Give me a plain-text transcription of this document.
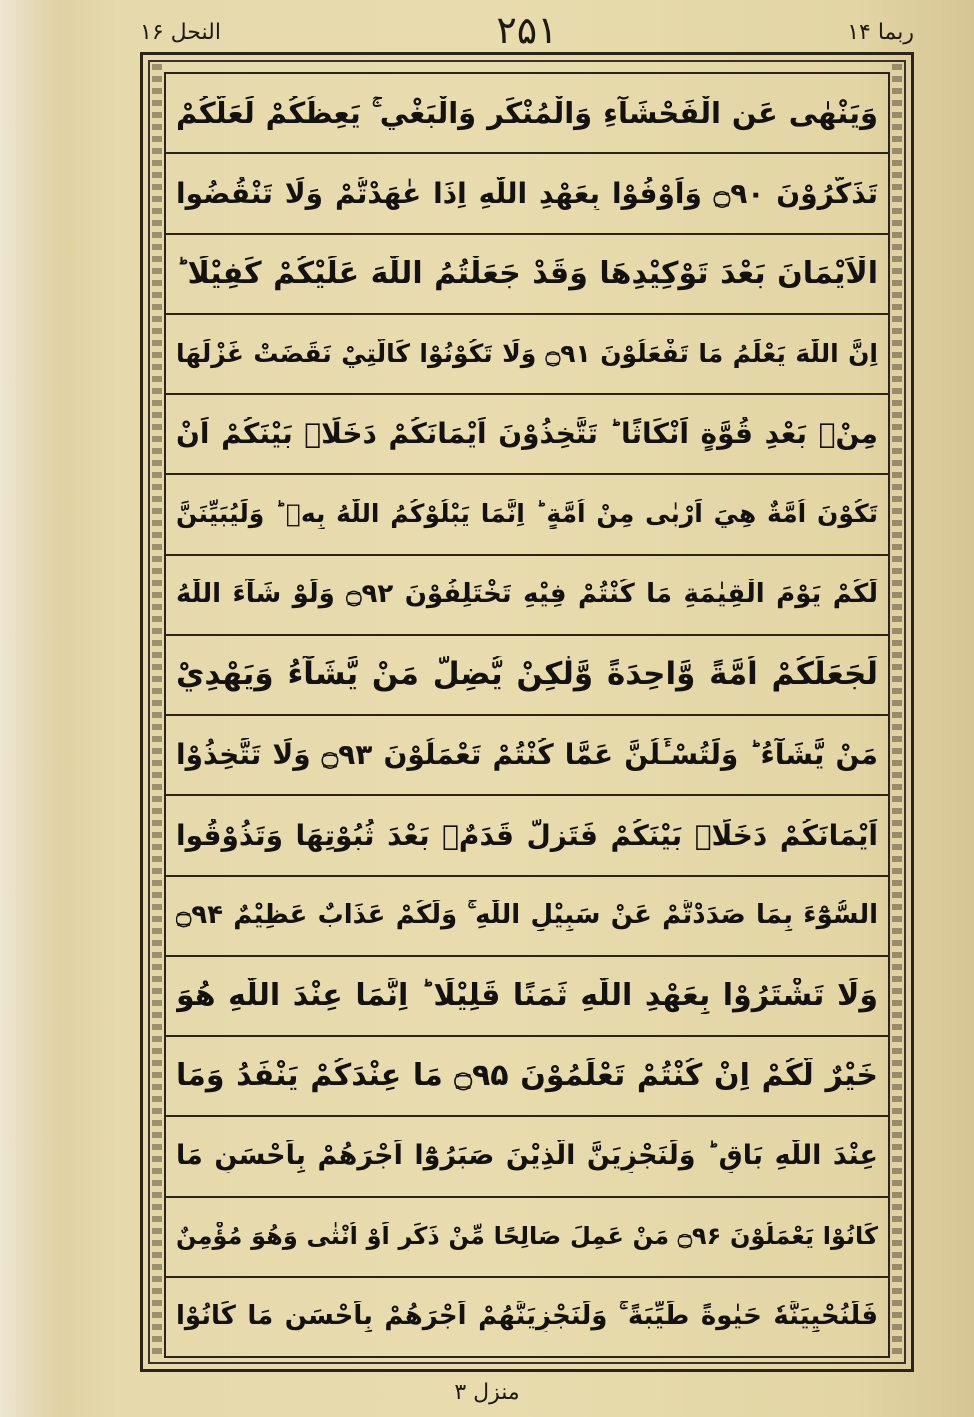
ربما ۱۴
۲۵۱
النحل ۱۶
وَيَنْهٰى عَنِ الْفَحْشَآءِ وَالْمُنْكَرِ وَالْبَغْيِ ۚ يَعِظُكُمْ لَعَلَّكُمْ
تَذَكَّرُوْنَ ۝۹۰ وَاَوْفُوْا بِعَهْدِ اللّٰهِ اِذَا عٰهَدْتُّمْ وَلَا تَنْقُضُوا
الْاَيْمَانَ بَعْدَ تَوْكِيْدِهَا وَقَدْ جَعَلْتُمُ اللّٰهَ عَلَيْكُمْ كَفِيْلًا ؕ
اِنَّ اللّٰهَ يَعْلَمُ مَا تَفْعَلُوْنَ ۝۹۱ وَلَا تَكُوْنُوْا كَالَّتِيْ نَقَضَتْ غَزْلَهَا
مِنْۢ بَعْدِ قُوَّةٍ اَنْكَاثًا ؕ تَتَّخِذُوْنَ اَيْمَانَكُمْ دَخَلًاۢ بَيْنَكُمْ اَنْ
تَكُوْنَ اُمَّةٌ هِيَ اَرْبٰى مِنْ اُمَّةٍ ؕ اِنَّمَا يَبْلُوْكُمُ اللّٰهُ بِهٖ ؕ وَلَيُبَيِّنَنَّ
لَكُمْ يَوْمَ الْقِيٰمَةِ مَا كُنْتُمْ فِيْهِ تَخْتَلِفُوْنَ ۝۹۲ وَلَوْ شَآءَ اللّٰهُ
لَجَعَلَكُمْ اُمَّةً وَّاحِدَةً وَّلٰكِنْ يُّضِلُّ مَنْ يَّشَآءُ وَيَهْدِيْ
مَنْ يَّشَآءُ ؕ وَلَتُسْـَٔلُنَّ عَمَّا كُنْتُمْ تَعْمَلُوْنَ ۝۹۳ وَلَا تَتَّخِذُوْا
اَيْمَانَكُمْ دَخَلًاۢ بَيْنَكُمْ فَتَزِلَّ قَدَمٌۢ بَعْدَ ثُبُوْتِهَا وَتَذُوْقُوا
السُّوْٓءَ بِمَا صَدَدْتُّمْ عَنْ سَبِيْلِ اللّٰهِ ۚ وَلَكُمْ عَذَابٌ عَظِيْمٌ ۝۹۴
وَلَا تَشْتَرُوْا بِعَهْدِ اللّٰهِ ثَمَنًا قَلِيْلًا ؕ اِنَّمَا عِنْدَ اللّٰهِ هُوَ
خَيْرٌ لَّكُمْ اِنْ كُنْتُمْ تَعْلَمُوْنَ ۝۹۵ مَا عِنْدَكُمْ يَنْفَدُ وَمَا
عِنْدَ اللّٰهِ بَاقٍ ؕ وَلَنَجْزِيَنَّ الَّذِيْنَ صَبَرُوْٓا اَجْرَهُمْ بِاَحْسَنِ مَا
كَانُوْا يَعْمَلُوْنَ ۝۹۶ مَنْ عَمِلَ صَالِحًا مِّنْ ذَكَرٍ اَوْ اُنْثٰى وَهُوَ مُؤْمِنٌ
فَلَنُحْيِيَنَّهٗ حَيٰوةً طَيِّبَةً ۚ وَلَنَجْزِيَنَّهُمْ اَجْرَهُمْ بِاَحْسَنِ مَا كَانُوْا
منزل ۳
